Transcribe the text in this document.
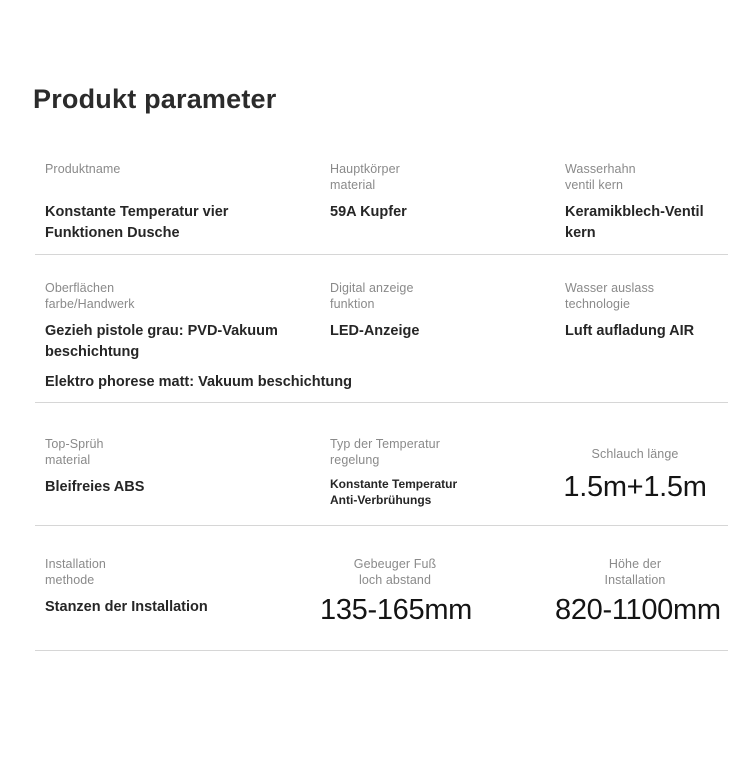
Produkt parameter
Produktname
Konstante Temperatur vier
Funktionen Dusche
Hauptkörper
material
59A Kupfer
Wasserhahn
ventil kern
Keramikblech-Ventil
kern
Oberflächen
farbe/Handwerk
Gezieh pistole grau: PVD-Vakuum
beschichtung
Elektro phorese matt: Vakuum beschichtung
Digital anzeige
funktion
LED-Anzeige
Wasser auslass
technologie
Luft aufladung AIR
Top-Sprüh
material
Bleifreies ABS
Typ der Temperatur
regelung
Konstante Temperatur
Anti-Verbrühungs
Schlauch länge
1.5m+1.5m
Installation
methode
Stanzen der Installation
Gebeuger Fuß
loch abstand
135-165mm
Höhe der
Installation
820-1100mm
